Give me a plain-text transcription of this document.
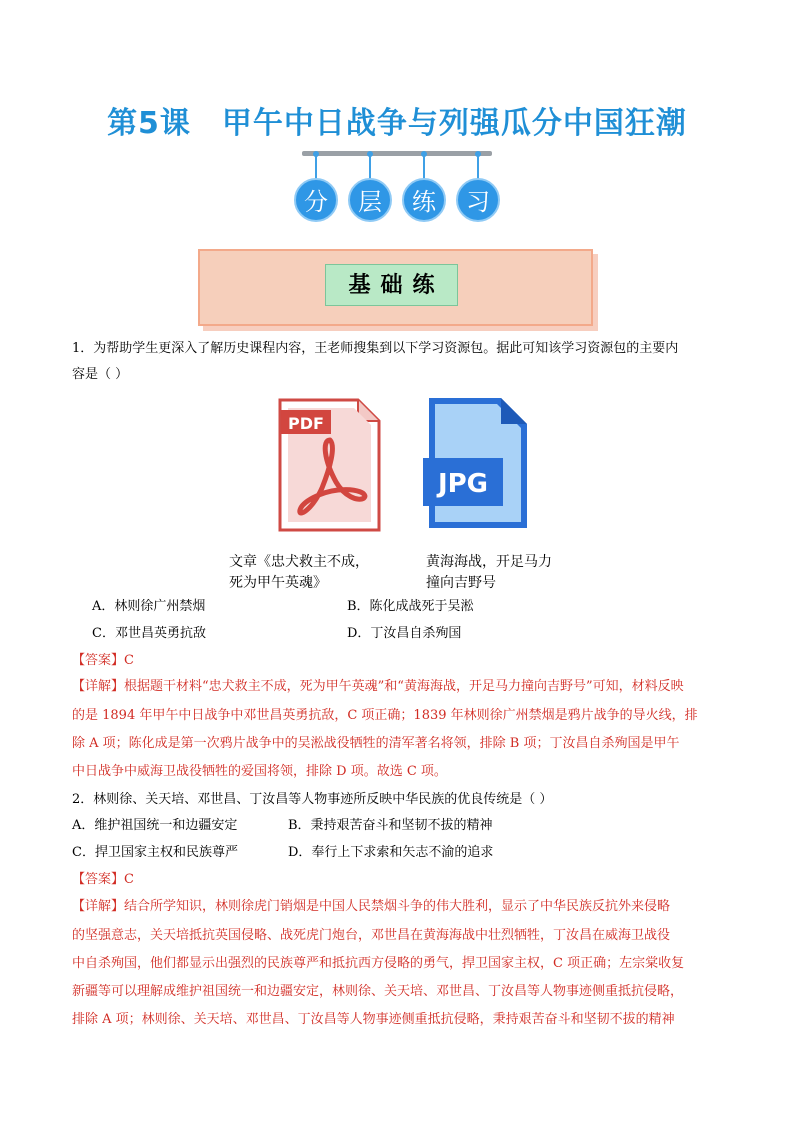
第5课　甲午中日战争与列强瓜分中国狂潮
分	层	练	习
基础练
1．为帮助学生更深入了解历史课程内容，王老师搜集到以下学习资源包。据此可知该学习资源包的主要内
容是（ ）
PDF
JPG
文章《忠犬救主不成，
死为甲午英魂》
黄海海战，开足马力
撞向吉野号
A．林则徐广州禁烟	B．陈化成战死于吴淞
C．邓世昌英勇抗敌	D．丁汝昌自杀殉国
【答案】C
【详解】根据题干材料“忠犬救主不成，死为甲午英魂”和“黄海海战，开足马力撞向吉野号”可知，材料反映
的是 1894 年甲午中日战争中邓世昌英勇抗敌，C 项正确；1839 年林则徐广州禁烟是鸦片战争的导火线，排
除 A 项；陈化成是第一次鸦片战争中的吴淞战役牺牲的清军著名将领，排除 B 项；丁汝昌自杀殉国是甲午
中日战争中威海卫战役牺牲的爱国将领，排除 D 项。故选 C 项。
2．林则徐、关天培、邓世昌、丁汝昌等人物事迹所反映中华民族的优良传统是（ ）
A．维护祖国统一和边疆安定	B．秉持艰苦奋斗和坚韧不拔的精神
C．捍卫国家主权和民族尊严	D．奉行上下求索和矢志不渝的追求
【答案】C
【详解】结合所学知识，林则徐虎门销烟是中国人民禁烟斗争的伟大胜利，显示了中华民族反抗外来侵略
的坚强意志，关天培抵抗英国侵略、战死虎门炮台，邓世昌在黄海海战中壮烈牺牲，丁汝昌在威海卫战役
中自杀殉国，他们都显示出强烈的民族尊严和抵抗西方侵略的勇气，捍卫国家主权，C 项正确；左宗棠收复
新疆等可以理解成维护祖国统一和边疆安定，林则徐、关天培、邓世昌、丁汝昌等人物事迹侧重抵抗侵略，
排除 A 项；林则徐、关天培、邓世昌、丁汝昌等人物事迹侧重抵抗侵略，秉持艰苦奋斗和坚韧不拔的精神
